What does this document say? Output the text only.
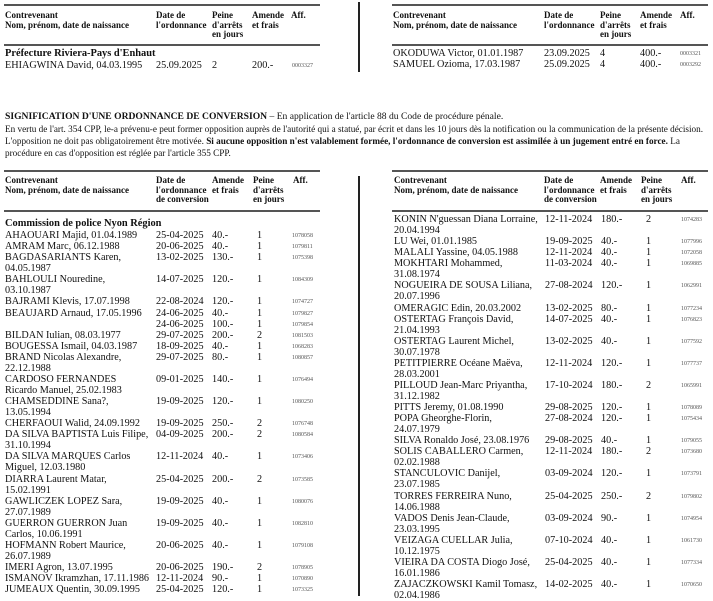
Contrevenant
Nom, prénom, date de naissance
Date de
l'ordonnance
Peine
d'arrêts
en jours
Amende
et frais
Aff.
Préfecture Riviera-Pays d'Enhaut
EHIAGWINA David, 04.03.1995	25.09.2025 2	200.-	0003327
Contrevenant
Nom, prénom, date de naissance
Date de
l'ordonnance
Peine
d'arrêts
en jours
Amende
et frais
Aff.
OKODUWA Victor, 01.01.1987	23.09.2025 4	400.-	0003321
SAMUEL Ozioma, 17.03.1987	25.09.2025 4	400.-	0003292
SIGNIFICATION D'UNE ORDONNANCE DE CONVERSION – En application de l'article 88 du Code de procédure pénale.
En vertu de l'art. 354 CPP, le-a prévenu-e peut former opposition auprès de l'autorité qui a statué, par écrit et dans les 10 jours dès la notification ou la communication de la présente décision. L'opposition ne doit pas obligatoirement être motivée. Si aucune opposition n'est valablement formée, l'ordonnance de conversion est assimilée à un jugement entré en force. La procédure en cas d'opposition est réglée par l'article 355 CPP.
Contrevenant
Nom, prénom, date de naissance
Date de
l'ordonnance
de conversion
Amende
et frais
Peine
d'arrêts
en jours
Aff.
Commission de police Nyon Région
AHAOUARI Majid, 01.04.1989	25-04-2025 40.-	1	1078058
AMRAM Marc, 06.12.1988	20-06-2025 40.-	1	1079811
BAGDASARIANTS Karen, 04.05.1987
13-02-2025 130.- 1	1075398
BAHLOULI Nouredine, 03.10.1987
14-07-2025 120.- 1	1084309
BAJRAMI Klevis, 17.07.1998	22-08-2024 120.- 1	1074727
BEAUJARD Arnaud, 17.05.1996	24-06-2025 40.-	1	1079827
24-06-2025 100.- 1	1079854
BILDAN Iulian, 08.03.1977	29-07-2025 200.- 2	1081503
BOUGESSA Ismail, 04.03.1987	18-09-2025 40.-	1	1068283
BRAND Nicolas Alexandre, 22.12.1988
29-07-2025 80.-	1	1080857
CARDOSO FERNANDES Ricardo Manuel, 25.02.1983
09-01-2025 140.- 1	1076494
CHAMSEDDINE Sana?, 13.05.1994
19-09-2025 120.- 1	1080250
CHERFAOUI Walid, 24.09.1992	19-09-2025 250.- 2	1076748
DA SILVA BAPTISTA Luis Filipe, 31.10.1994
04-09-2025 200.- 2	1080584
DA SILVA MARQUES Carlos Miguel, 12.03.1980
12-11-2024 40.-	1	1073406
DIARRA Laurent Matar, 15.02.1991
25-04-2025 200.- 2	1073585
GAWLICZEK LOPEZ Sara, 27.07.1989
19-09-2025 40.-	1	1080076
GUERRON GUERRON Juan Carlos, 10.06.1991
19-09-2025 40.-	1	1082810
HOFMANN Robert Maurice, 26.07.1989
20-06-2025 40.-	1	1079108
IMERI Agron, 13.07.1995	20-06-2025 190.- 2	1078905
ISMANOV Ikramzhan, 17.11.1986 12-11-2024 90.-	1	1070890
JUMEAUX Quentin, 30.09.1995	25-04-2025 120.- 1	1073325
Contrevenant
Nom, prénom, date de naissance
Date de
l'ordonnance
de conversion
Amende
et frais
Peine
d'arrêts
en jours
Aff.
KONIN N'guessan Diana Lorraine, 20.04.1994
12-11-2024 180.- 2	1074283
LU Wei, 01.01.1985	19-09-2025 40.-	1	1077996
MALALI Yassine, 04.05.1988	12-11-2024 40.-	1	1072058
MOKHTARI Mohammed, 31.08.1974
11-03-2024 40.-	1	1069885
NOGUEIRA DE SOUSA Liliana, 20.07.1996
27-08-2024 120.- 1	1062991
OMERAGIC Edin, 20.03.2002	13-02-2025 80.-	1	1077234
OSTERTAG François David, 21.04.1993
14-07-2025 40.-	1	1076823
OSTERTAG Laurent Michel, 30.07.1978
13-02-2025 40.-	1	1077592
PETITPIERRE Océane Maëva, 28.03.2001
12-11-2024 120.- 1	1077737
PILLOUD Jean-Marc Priyantha, 31.12.1982
17-10-2024 180.- 2	1065991
PITTS Jeremy, 01.08.1990	29-08-2025 120.- 1	1078089
POPA Gheorghe-Florin, 24.07.1979
27-08-2024 120.- 1	1075434
SILVA Ronaldo José, 23.08.1976	29-08-2025 40.-	1	1079055
SOLIS CABALLERO Carmen, 02.02.1988
12-11-2024 180.- 2	1073680
STANCULOVIC Danijel, 23.07.1985
03-09-2024 120.- 1	1073791
TORRES FERREIRA Nuno, 14.06.1988
25-04-2025 250.- 2	1079802
VADOS Denis Jean-Claude, 23.03.1995
03-09-2024 90.-	1	1074954
VEIZAGA CUELLAR Julia, 10.12.1975
07-10-2024 40.-	1	1061730
VIEIRA DA COSTA Diogo José, 16.01.1986
25-04-2025 40.-	1	1077334
ZAJACZKOWSKI Kamil Tomasz, 02.04.1986
14-02-2025 40.-	1	1070650
